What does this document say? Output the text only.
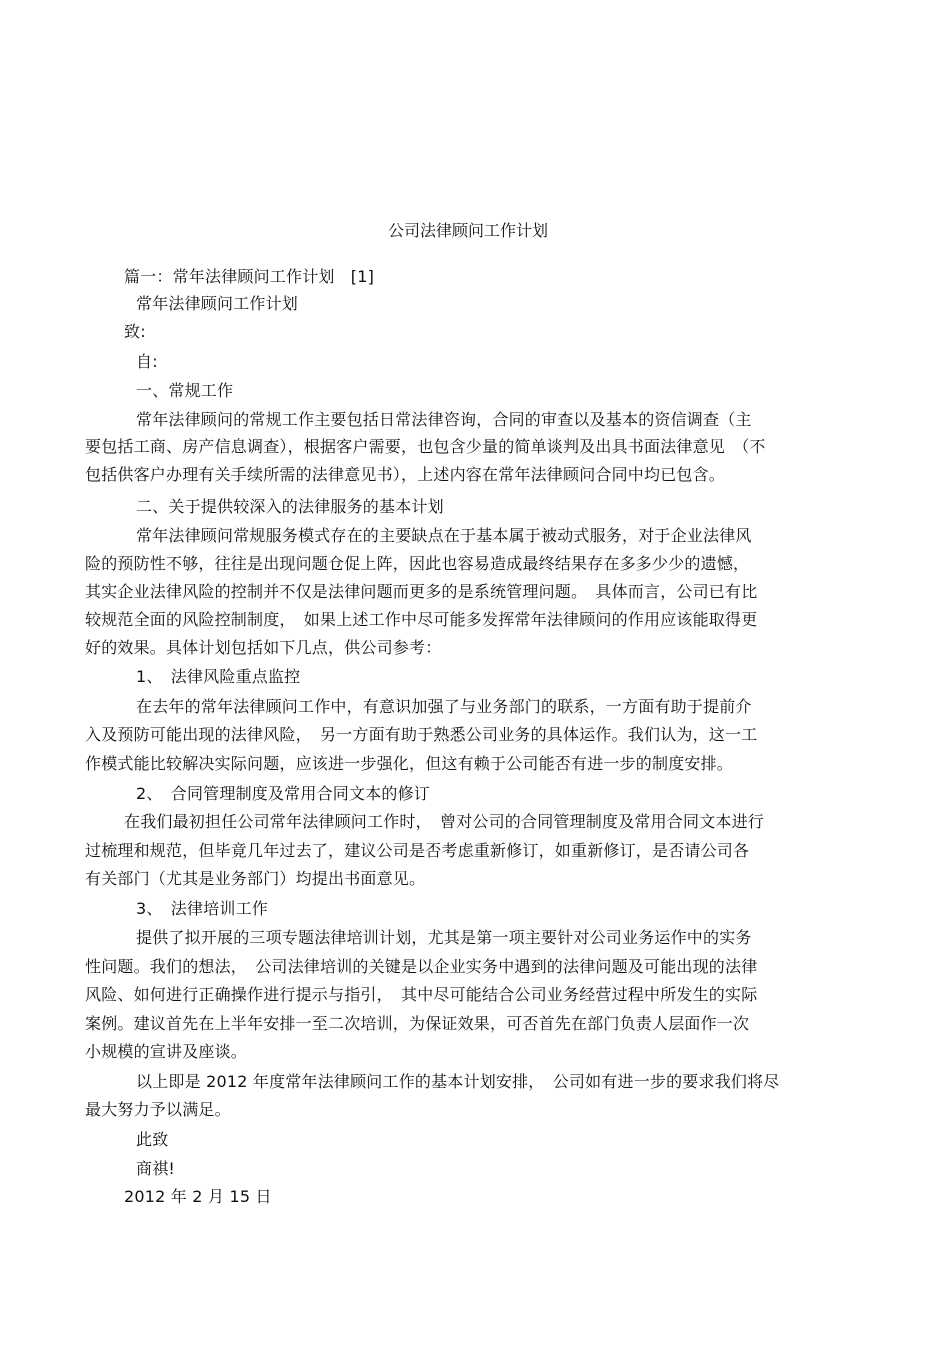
公司法律顾问工作计划
篇一：常年法律顾问工作计划　[1]
常年法律顾问工作计划
致:
自:
一、常规工作
常年法律顾问的常规工作主要包括日常法律咨询，合同的审查以及基本的资信调查（主
要包括工商、房产信息调查），根据客户需要，也包含少量的简单谈判及出具书面法律意见　（不
包括供客户办理有关手续所需的法律意见书），上述内容在常年法律顾问合同中均已包含。
二、关于提供较深入的法律服务的基本计划
常年法律顾问常规服务模式存在的主要缺点在于基本属于被动式服务，对于企业法律风
险的预防性不够，往往是出现问题仓促上阵，因此也容易造成最终结果存在多多少少的遗憾，
其实企业法律风险的控制并不仅是法律问题而更多的是系统管理问题。　具体而言，公司已有比
较规范全面的风险控制制度，　如果上述工作中尽可能多发挥常年法律顾问的作用应该能取得更
好的效果。具体计划包括如下几点，供公司参考：
1、　法律风险重点监控
在去年的常年法律顾问工作中，有意识加强了与业务部门的联系，一方面有助于提前介
入及预防可能出现的法律风险，　另一方面有助于熟悉公司业务的具体运作。我们认为，这一工
作模式能比较解决实际问题，应该进一步强化，但这有赖于公司能否有进一步的制度安排。
2、　合同管理制度及常用合同文本的修订
在我们最初担任公司常年法律顾问工作时，　曾对公司的合同管理制度及常用合同文本进行
过梳理和规范，但毕竟几年过去了，建议公司是否考虑重新修订，如重新修订，是否请公司各
有关部门（尤其是业务部门）均提出书面意见。
3、　法律培训工作
提供了拟开展的三项专题法律培训计划，尤其是第一项主要针对公司业务运作中的实务
性问题。我们的想法，　公司法律培训的关键是以企业实务中遇到的法律问题及可能出现的法律
风险、如何进行正确操作进行提示与指引，　其中尽可能结合公司业务经营过程中所发生的实际
案例。建议首先在上半年安排一至二次培训，为保证效果，可否首先在部门负责人层面作一次
小规模的宣讲及座谈。
以上即是 2012 年度常年法律顾问工作的基本计划安排，　公司如有进一步的要求我们将尽
最大努力予以满足。
此致
商祺!
2012 年 2 月 15 日
